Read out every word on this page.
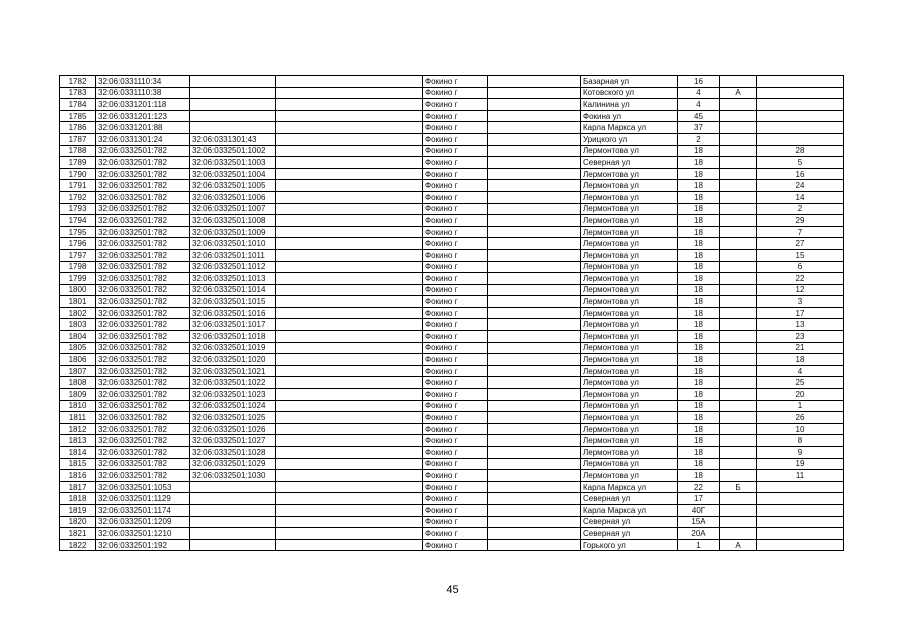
1782	32:06:0331110:34			Фокино г		Базарная ул	16		
1783	32:06:0331110:38			Фокино г		Котовского ул	4	А	
1784	32:06:0331201:118			Фокино г		Калинина ул	4		
1785	32:06:0331201:123			Фокино г		Фокина ул	45		
1786	32:06:0331201:88			Фокино г		Карла Маркса ул	37		
1787	32:06:0331301:24	32:06:0331301:43		Фокино г		Урицкого ул	2		
1788	32:06:0332501:782	32:06:0332501:1002		Фокино г		Лермонтова ул	18		28
1789	32:06:0332501:782	32:06:0332501:1003		Фокино г		Северная ул	18		5
1790	32:06:0332501:782	32:06:0332501:1004		Фокино г		Лермонтова ул	18		16
1791	32:06:0332501:782	32:06:0332501:1005		Фокино г		Лермонтова ул	18		24
1792	32:06:0332501:782	32:06:0332501:1006		Фокино г		Лермонтова ул	18		14
1793	32:06:0332501:782	32:06:0332501:1007		Фокино г		Лермонтова ул	18		2
1794	32:06:0332501:782	32:06:0332501:1008		Фокино г		Лермонтова ул	18		29
1795	32:06:0332501:782	32:06:0332501:1009		Фокино г		Лермонтова ул	18		7
1796	32:06:0332501:782	32:06:0332501:1010		Фокино г		Лермонтова ул	18		27
1797	32:06:0332501:782	32:06:0332501:1011		Фокино г		Лермонтова ул	18		15
1798	32:06:0332501:782	32:06:0332501:1012		Фокино г		Лермонтова ул	18		6
1799	32:06:0332501:782	32:06:0332501:1013		Фокино г		Лермонтова ул	18		22
1800	32:06:0332501:782	32:06:0332501:1014		Фокино г		Лермонтова ул	18		12
1801	32:06:0332501:782	32:06:0332501:1015		Фокино г		Лермонтова ул	18		3
1802	32:06:0332501:782	32:06:0332501:1016		Фокино г		Лермонтова ул	18		17
1803	32:06:0332501:782	32:06:0332501:1017		Фокино г		Лермонтова ул	18		13
1804	32:06:0332501:782	32:06:0332501:1018		Фокино г		Лермонтова ул	18		23
1805	32:06:0332501:782	32:06:0332501:1019		Фокино г		Лермонтова ул	18		21
1806	32:06:0332501:782	32:06:0332501:1020		Фокино г		Лермонтова ул	18		18
1807	32:06:0332501:782	32:06:0332501:1021		Фокино г		Лермонтова ул	18		4
1808	32:06:0332501:782	32:06:0332501:1022		Фокино г		Лермонтова ул	18		25
1809	32:06:0332501:782	32:06:0332501:1023		Фокино г		Лермонтова ул	18		20
1810	32:06:0332501:782	32:06:0332501:1024		Фокино г		Лермонтова ул	18		1
1811	32:06:0332501:782	32:06:0332501:1025		Фокино г		Лермонтова ул	18		26
1812	32:06:0332501:782	32:06:0332501:1026		Фокино г		Лермонтова ул	18		10
1813	32:06:0332501:782	32:06:0332501:1027		Фокино г		Лермонтова ул	18		8
1814	32:06:0332501:782	32:06:0332501:1028		Фокино г		Лермонтова ул	18		9
1815	32:06:0332501:782	32:06:0332501:1029		Фокино г		Лермонтова ул	18		19
1816	32:06:0332501:782	32:06:0332501:1030		Фокино г		Лермонтова ул	18		11
1817	32:06:0332501:1053			Фокино г		Карла Маркса ул	22	Б	
1818	32:06:0332501:1129			Фокино г		Северная ул	17		
1819	32:06:0332501:1174			Фокино г		Карла Маркса ул	40Г		
1820	32:06:0332501:1209			Фокино г		Северная ул	15А		
1821	32:06:0332501:1210			Фокино г		Северная ул	20А		
1822	32:06:0332501:192			Фокино г		Горького ул	1	А	
45
